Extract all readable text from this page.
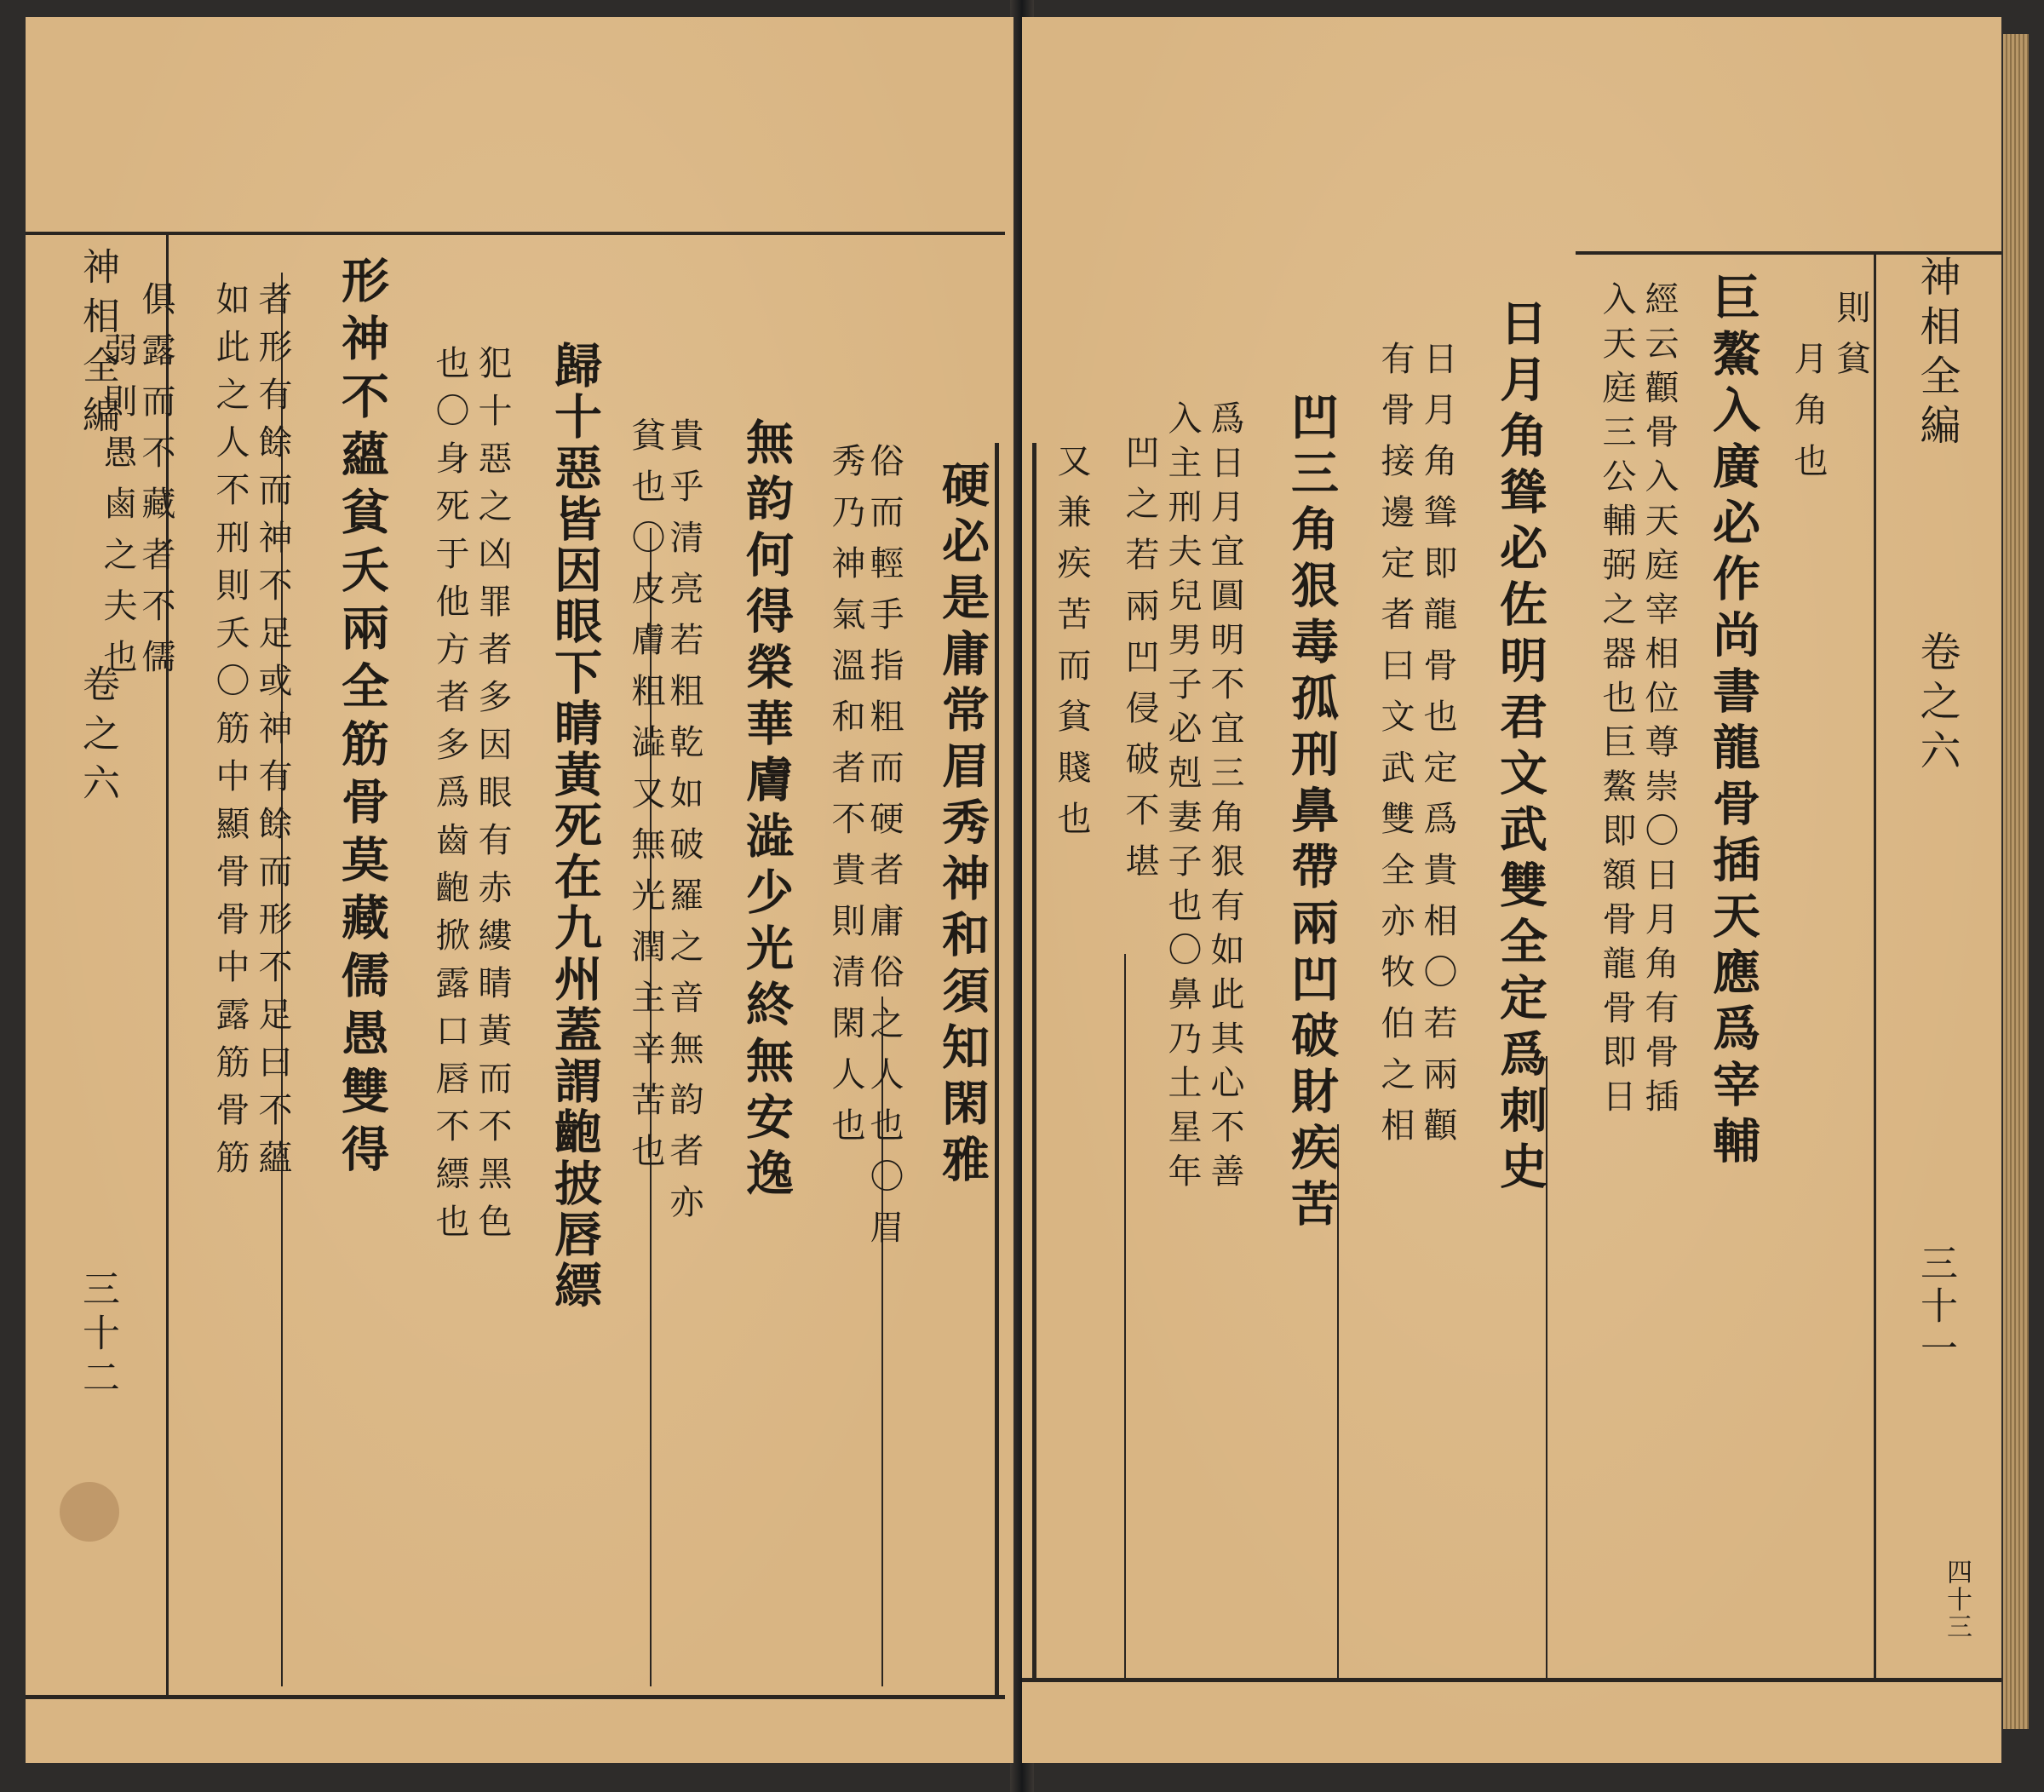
神相全編
卷之六
三十二
硬必是庸常眉秀神和須知閑雅
俗而輕手指粗而硬者庸俗之人也〇眉
秀乃神氣溫和者不貴則清閑人也
無韵何得榮華膚澁少光終無安逸
貴乎清亮若粗乾如破羅之音無韵者亦
貧也〇皮膚粗澁又無光潤主辛苦也
歸十惡皆因眼下睛黃死在九州蓋謂齙披唇縹
犯十惡之凶罪者多因眼有赤縷睛黃而不黑色
也〇身死于他方者多爲齒齙掀露口唇不縹也
形神不蘊貧夭兩全筋骨莫藏儒愚雙得
者形有餘而神不足或神有餘而形不足曰不蘊
如此之人不刑則夭〇筋中顯骨骨中露筋骨筋
俱露而不藏者不儒
弱則愚鹵之夫也	神相全編
卷之六
三十一
四十三
則貧
月角也
巨鰲入廣必作尚書龍骨插天應爲宰輔
經云顴骨入天庭宰相位尊崇〇日月角有骨插
入天庭三公輔弼之器也巨鰲即額骨龍骨即日
日月角聳必佐明君文武雙全定爲刺史
日月角聳即龍骨也定爲貴相〇若兩顴
有骨接邊定者曰文武雙全亦牧伯之相
凹三角狠毒孤刑鼻帶兩凹破財疾苦
爲日月宜圓明不宜三角狠有如此其心不善
入主刑夫兒男子必剋妻子也〇鼻乃土星年
凹之若兩凹侵破不堪
又兼疾苦而貧賤也
